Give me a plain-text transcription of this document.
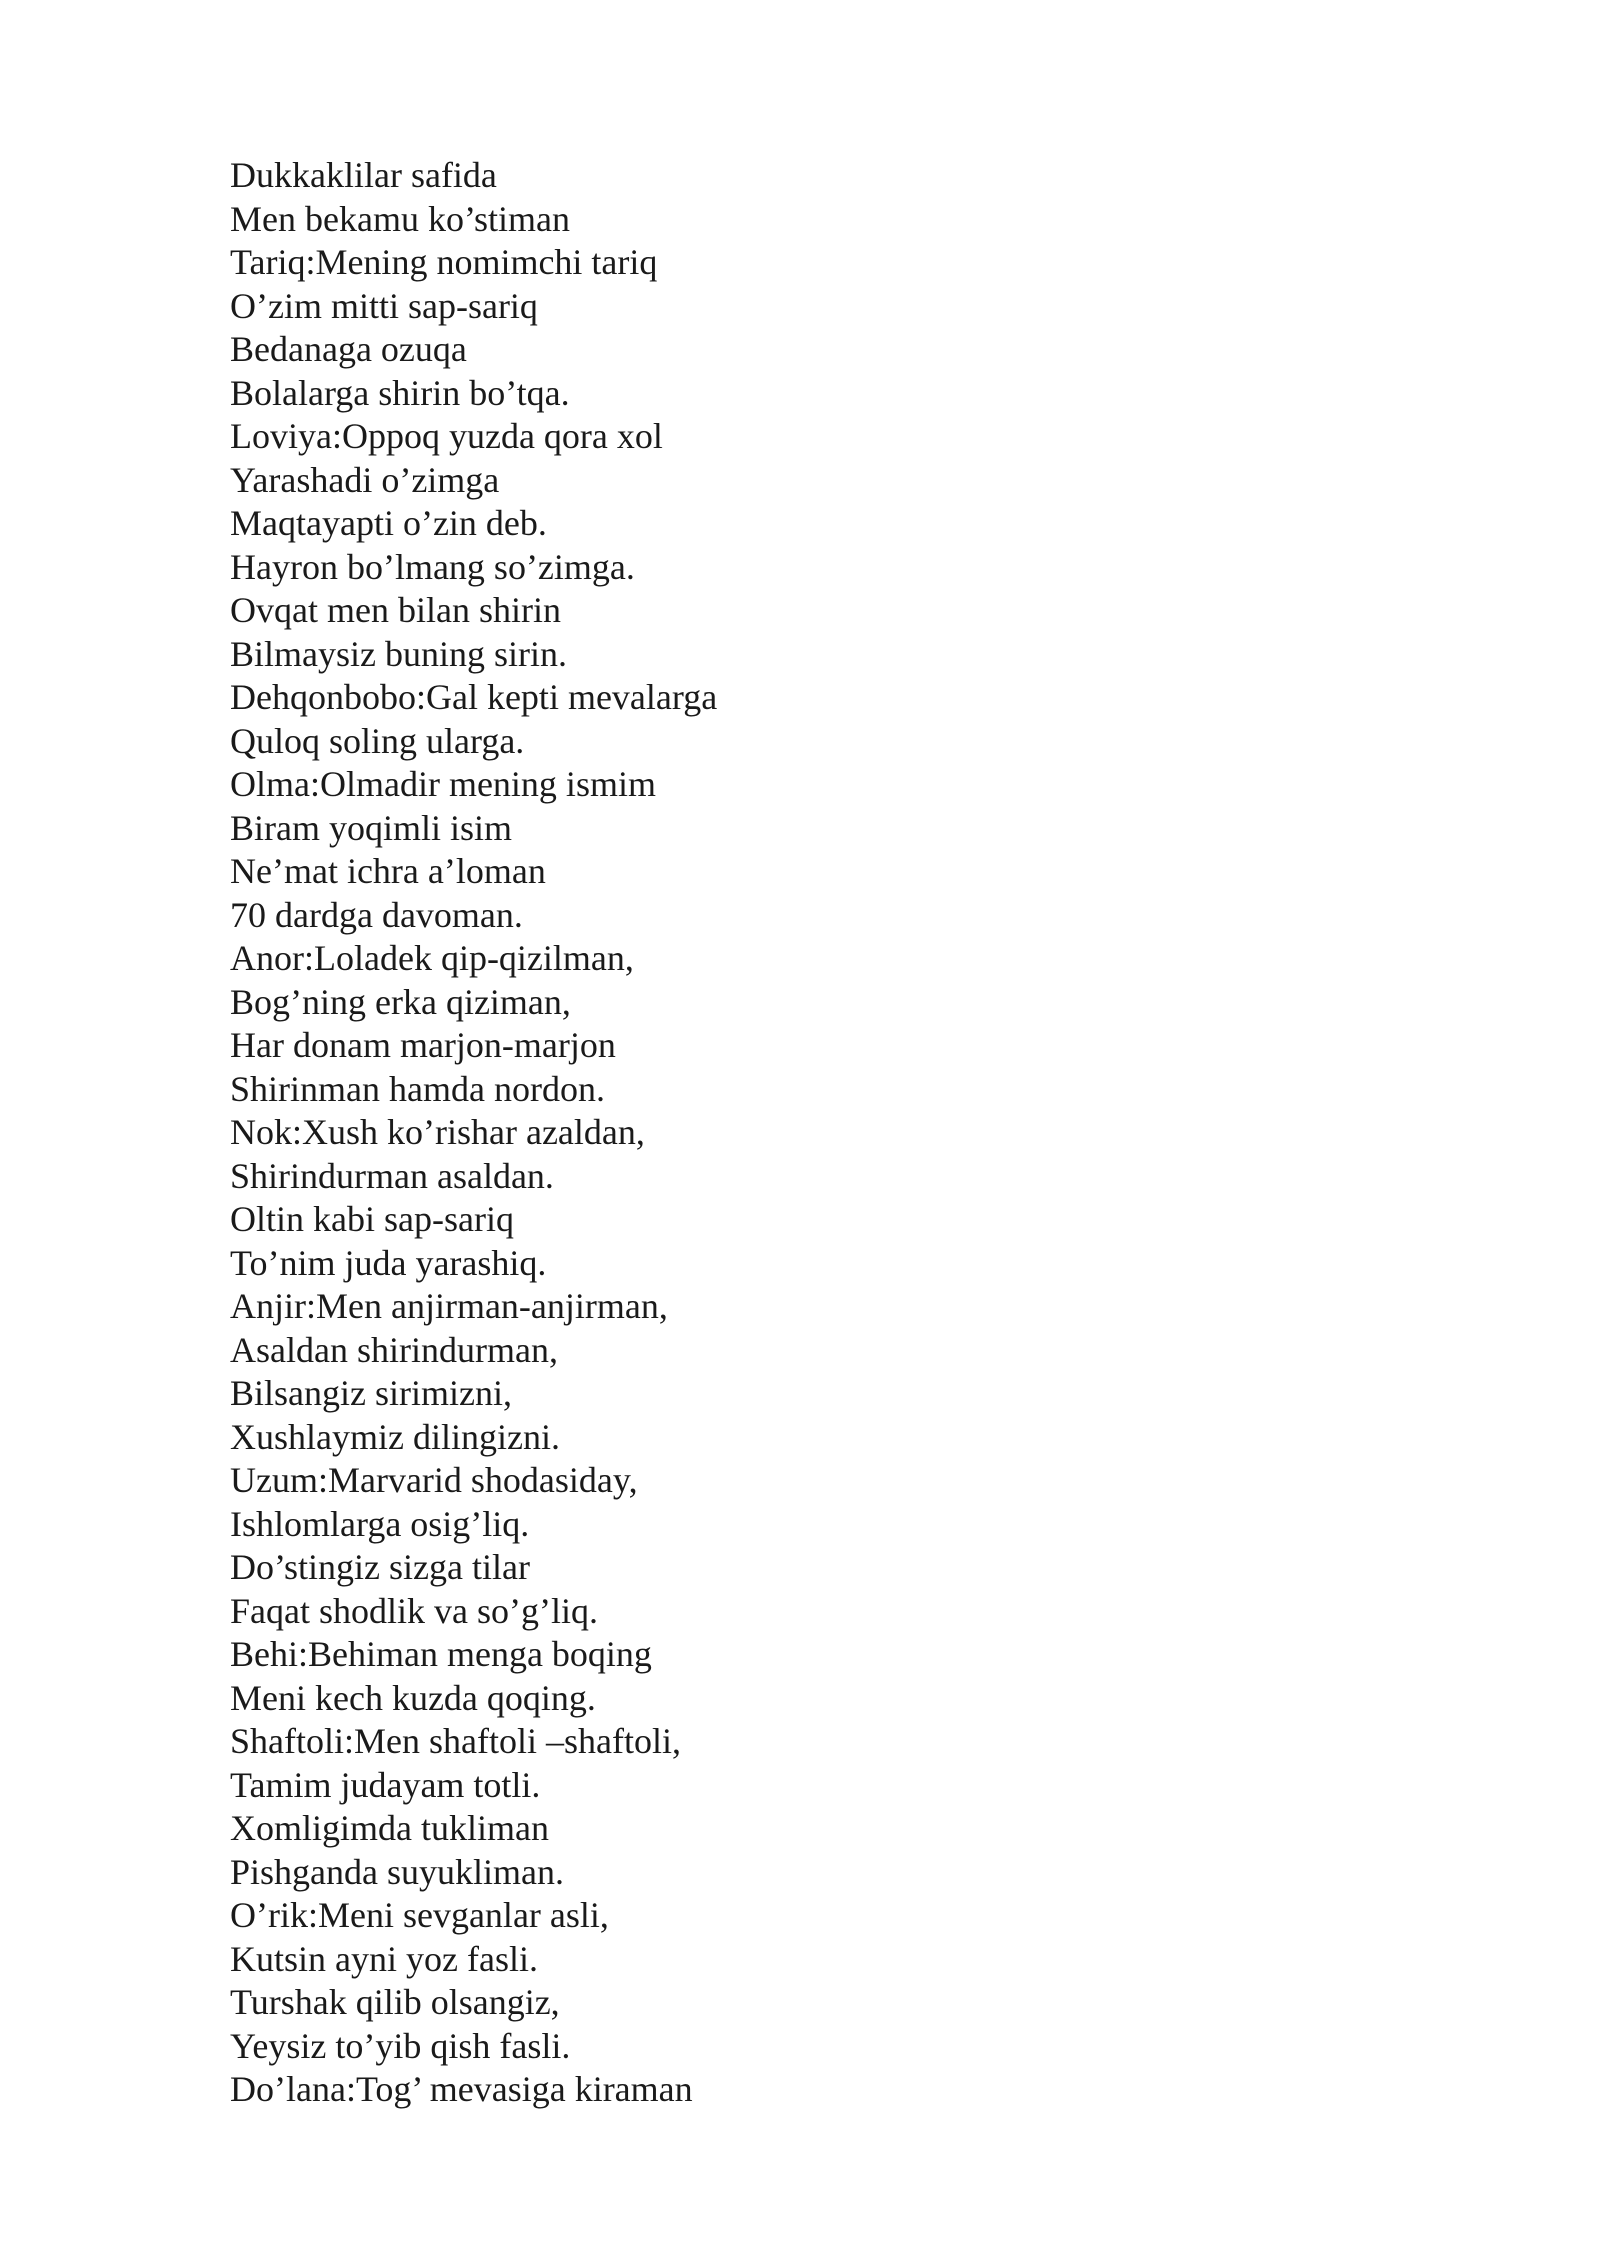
Dukkaklilar safida
Men bekamu ko’stiman
Tariq:Mening nomimchi tariq
O’zim mitti sap-sariq
Bedanaga ozuqa
Bolalarga shirin bo’tqa.
Loviya:Oppoq yuzda qora xol
Yarashadi o’zimga
Maqtayapti o’zin deb.
Hayron bo’lmang so’zimga.
Ovqat men bilan shirin
Bilmaysiz buning sirin.
Dehqonbobo:Gal kepti mevalarga
Quloq soling ularga.
Olma:Olmadir mening ismim
Biram yoqimli isim
Ne’mat ichra a’loman
70 dardga davoman.
Anor:Loladek qip-qizilman,
Bog’ning erka qiziman,
Har donam marjon-marjon
Shirinman hamda nordon.
Nok:Xush ko’rishar azaldan,
Shirindurman asaldan.
Oltin kabi sap-sariq
To’nim juda yarashiq.
Anjir:Men anjirman-anjirman,
Asaldan shirindurman,
Bilsangiz sirimizni,
Xushlaymiz dilingizni.
Uzum:Marvarid shodasiday,
Ishlomlarga osig’liq.
Do’stingiz sizga tilar
Faqat shodlik va so’g’liq.
Behi:Behiman menga boqing
Meni kech kuzda qoqing.
Shaftoli:Men shaftoli –shaftoli,
Tamim judayam totli.
Xomligimda tukliman
Pishganda suyukliman.
O’rik:Meni sevganlar asli,
Kutsin ayni yoz fasli.
Turshak qilib olsangiz,
Yeysiz to’yib qish fasli.
Do’lana:Tog’ mevasiga kiraman
